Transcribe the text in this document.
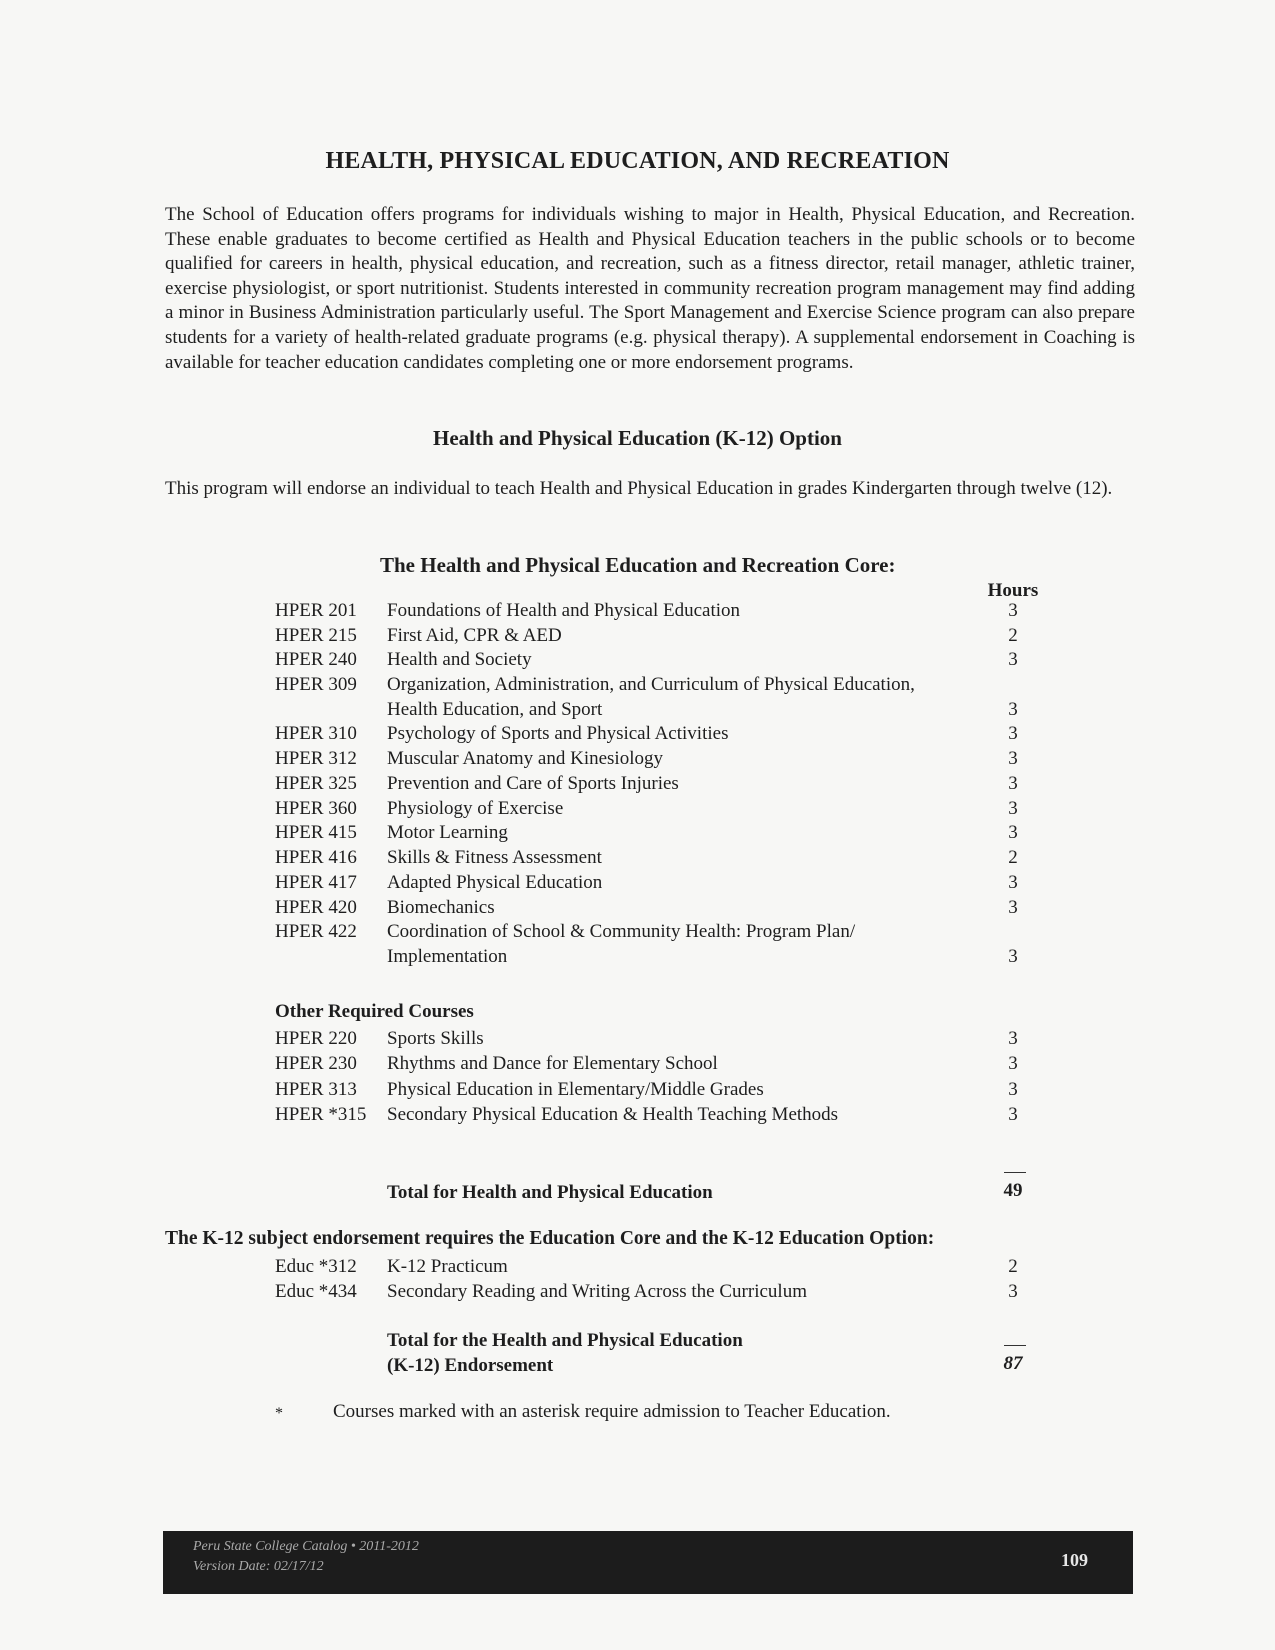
HEALTH, PHYSICAL EDUCATION, AND RECREATION

The School of Education offers programs for individuals wishing to major in Health, Physical Education, and Recreation. These enable graduates to become certified as Health and Physical Education teachers in the public schools or to become qualified for careers in health, physical education, and recreation, such as a fitness director, retail manager, athletic trainer, exercise physiologist, or sport nutritionist. Students interested in community recreation program management may find adding a minor in Business Administration particularly useful. The Sport Management and Exercise Science program can also prepare students for a variety of health-related graduate programs (e.g. physical therapy). A supplemental endorsement in Coaching is available for teacher education candidates completing one or more endorsement programs.

Health and Physical Education (K-12) Option

This program will endorse an individual to teach Health and Physical Education in grades Kindergarten through twelve (12).

The Health and Physical Education and Recreation Core:
Hours
HPER 201 Foundations of Health and Physical Education	3
HPER 215 First Aid, CPR & AED	2
HPER 240 Health and Society	3
HPER 309 Organization, Administration, and Curriculum of Physical Education,
Health Education, and Sport	3
HPER 310 Psychology of Sports and Physical Activities	3
HPER 312 Muscular Anatomy and Kinesiology	3
HPER 325 Prevention and Care of Sports Injuries	3
HPER 360 Physiology of Exercise	3
HPER 415 Motor Learning	3
HPER 416 Skills & Fitness Assessment	2
HPER 417 Adapted Physical Education	3
HPER 420 Biomechanics	3
HPER 422 Coordination of School & Community Health: Program Plan/
Implementation	3
Other Required Courses
HPER 220 Sports Skills	3
HPER 230 Rhythms and Dance for Elementary School	3
HPER 313 Physical Education in Elementary/Middle Grades	3
HPER *315 Secondary Physical Education & Health Teaching Methods	3
Total for Health and Physical Education	49
The K-12 subject endorsement requires the Education Core and the K-12 Education Option:
Educ *312 K-12 Practicum	2
Educ *434 Secondary Reading and Writing Across the Curriculum	3
Total for the Health and Physical Education
(K-12) Endorsement	87
*	Courses marked with an asterisk require admission to Teacher Education.
Peru State College Catalog • 2011-2012
Version Date: 02/17/12	109
